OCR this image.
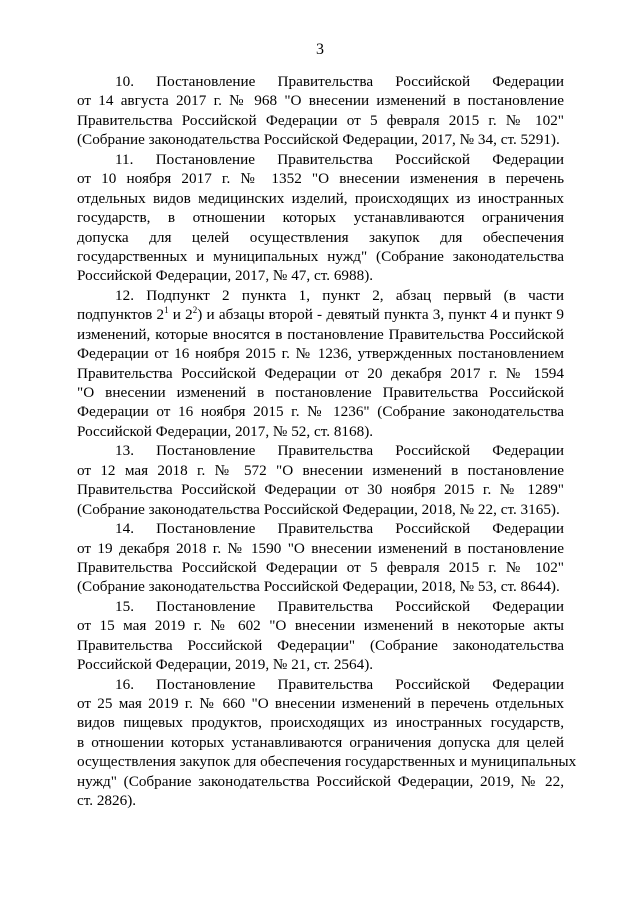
3
10. Постановление Правительства Российской Федерации
от 14 августа 2017 г. № 968 "О внесении изменений в постановление
Правительства Российской Федерации от 5 февраля 2015 г. № 102"
(Собрание законодательства Российской Федерации, 2017, № 34, ст. 5291).
11. Постановление Правительства Российской Федерации
от 10 ноября 2017 г. № 1352 "О внесении изменения в перечень
отдельных видов медицинских изделий, происходящих из иностранных
государств, в отношении которых устанавливаются ограничения
допуска для целей осуществления закупок для обеспечения
государственных и муниципальных нужд" (Собрание законодательства
Российской Федерации, 2017, № 47, ст. 6988).
12. Подпункт 2 пункта 1, пункт 2, абзац первый (в части
подпунктов $2^1$ и $2^2$) и абзацы второй - девятый пункта 3, пункт 4 и пункт 9
изменений, которые вносятся в постановление Правительства Российской
Федерации от 16 ноября 2015 г. № 1236, утвержденных постановлением
Правительства Российской Федерации от 20 декабря 2017 г. № 1594
"О внесении изменений в постановление Правительства Российской
Федерации от 16 ноября 2015 г. № 1236" (Собрание законодательства
Российской Федерации, 2017, № 52, ст. 8168).
13. Постановление Правительства Российской Федерации
от 12 мая 2018 г. № 572 "О внесении изменений в постановление
Правительства Российской Федерации от 30 ноября 2015 г. № 1289"
(Собрание законодательства Российской Федерации, 2018, № 22, ст. 3165).
14. Постановление Правительства Российской Федерации
от 19 декабря 2018 г. № 1590 "О внесении изменений в постановление
Правительства Российской Федерации от 5 февраля 2015 г. № 102"
(Собрание законодательства Российской Федерации, 2018, № 53, ст. 8644).
15. Постановление Правительства Российской Федерации
от 15 мая 2019 г. № 602 "О внесении изменений в некоторые акты
Правительства Российской Федерации" (Собрание законодательства
Российской Федерации, 2019, № 21, ст. 2564).
16. Постановление Правительства Российской Федерации
от 25 мая 2019 г. № 660 "О внесении изменений в перечень отдельных
видов пищевых продуктов, происходящих из иностранных государств,
в отношении которых устанавливаются ограничения допуска для целей
осуществления закупок для обеспечения государственных и муниципальных
нужд" (Собрание законодательства Российской Федерации, 2019, № 22,
ст. 2826).
